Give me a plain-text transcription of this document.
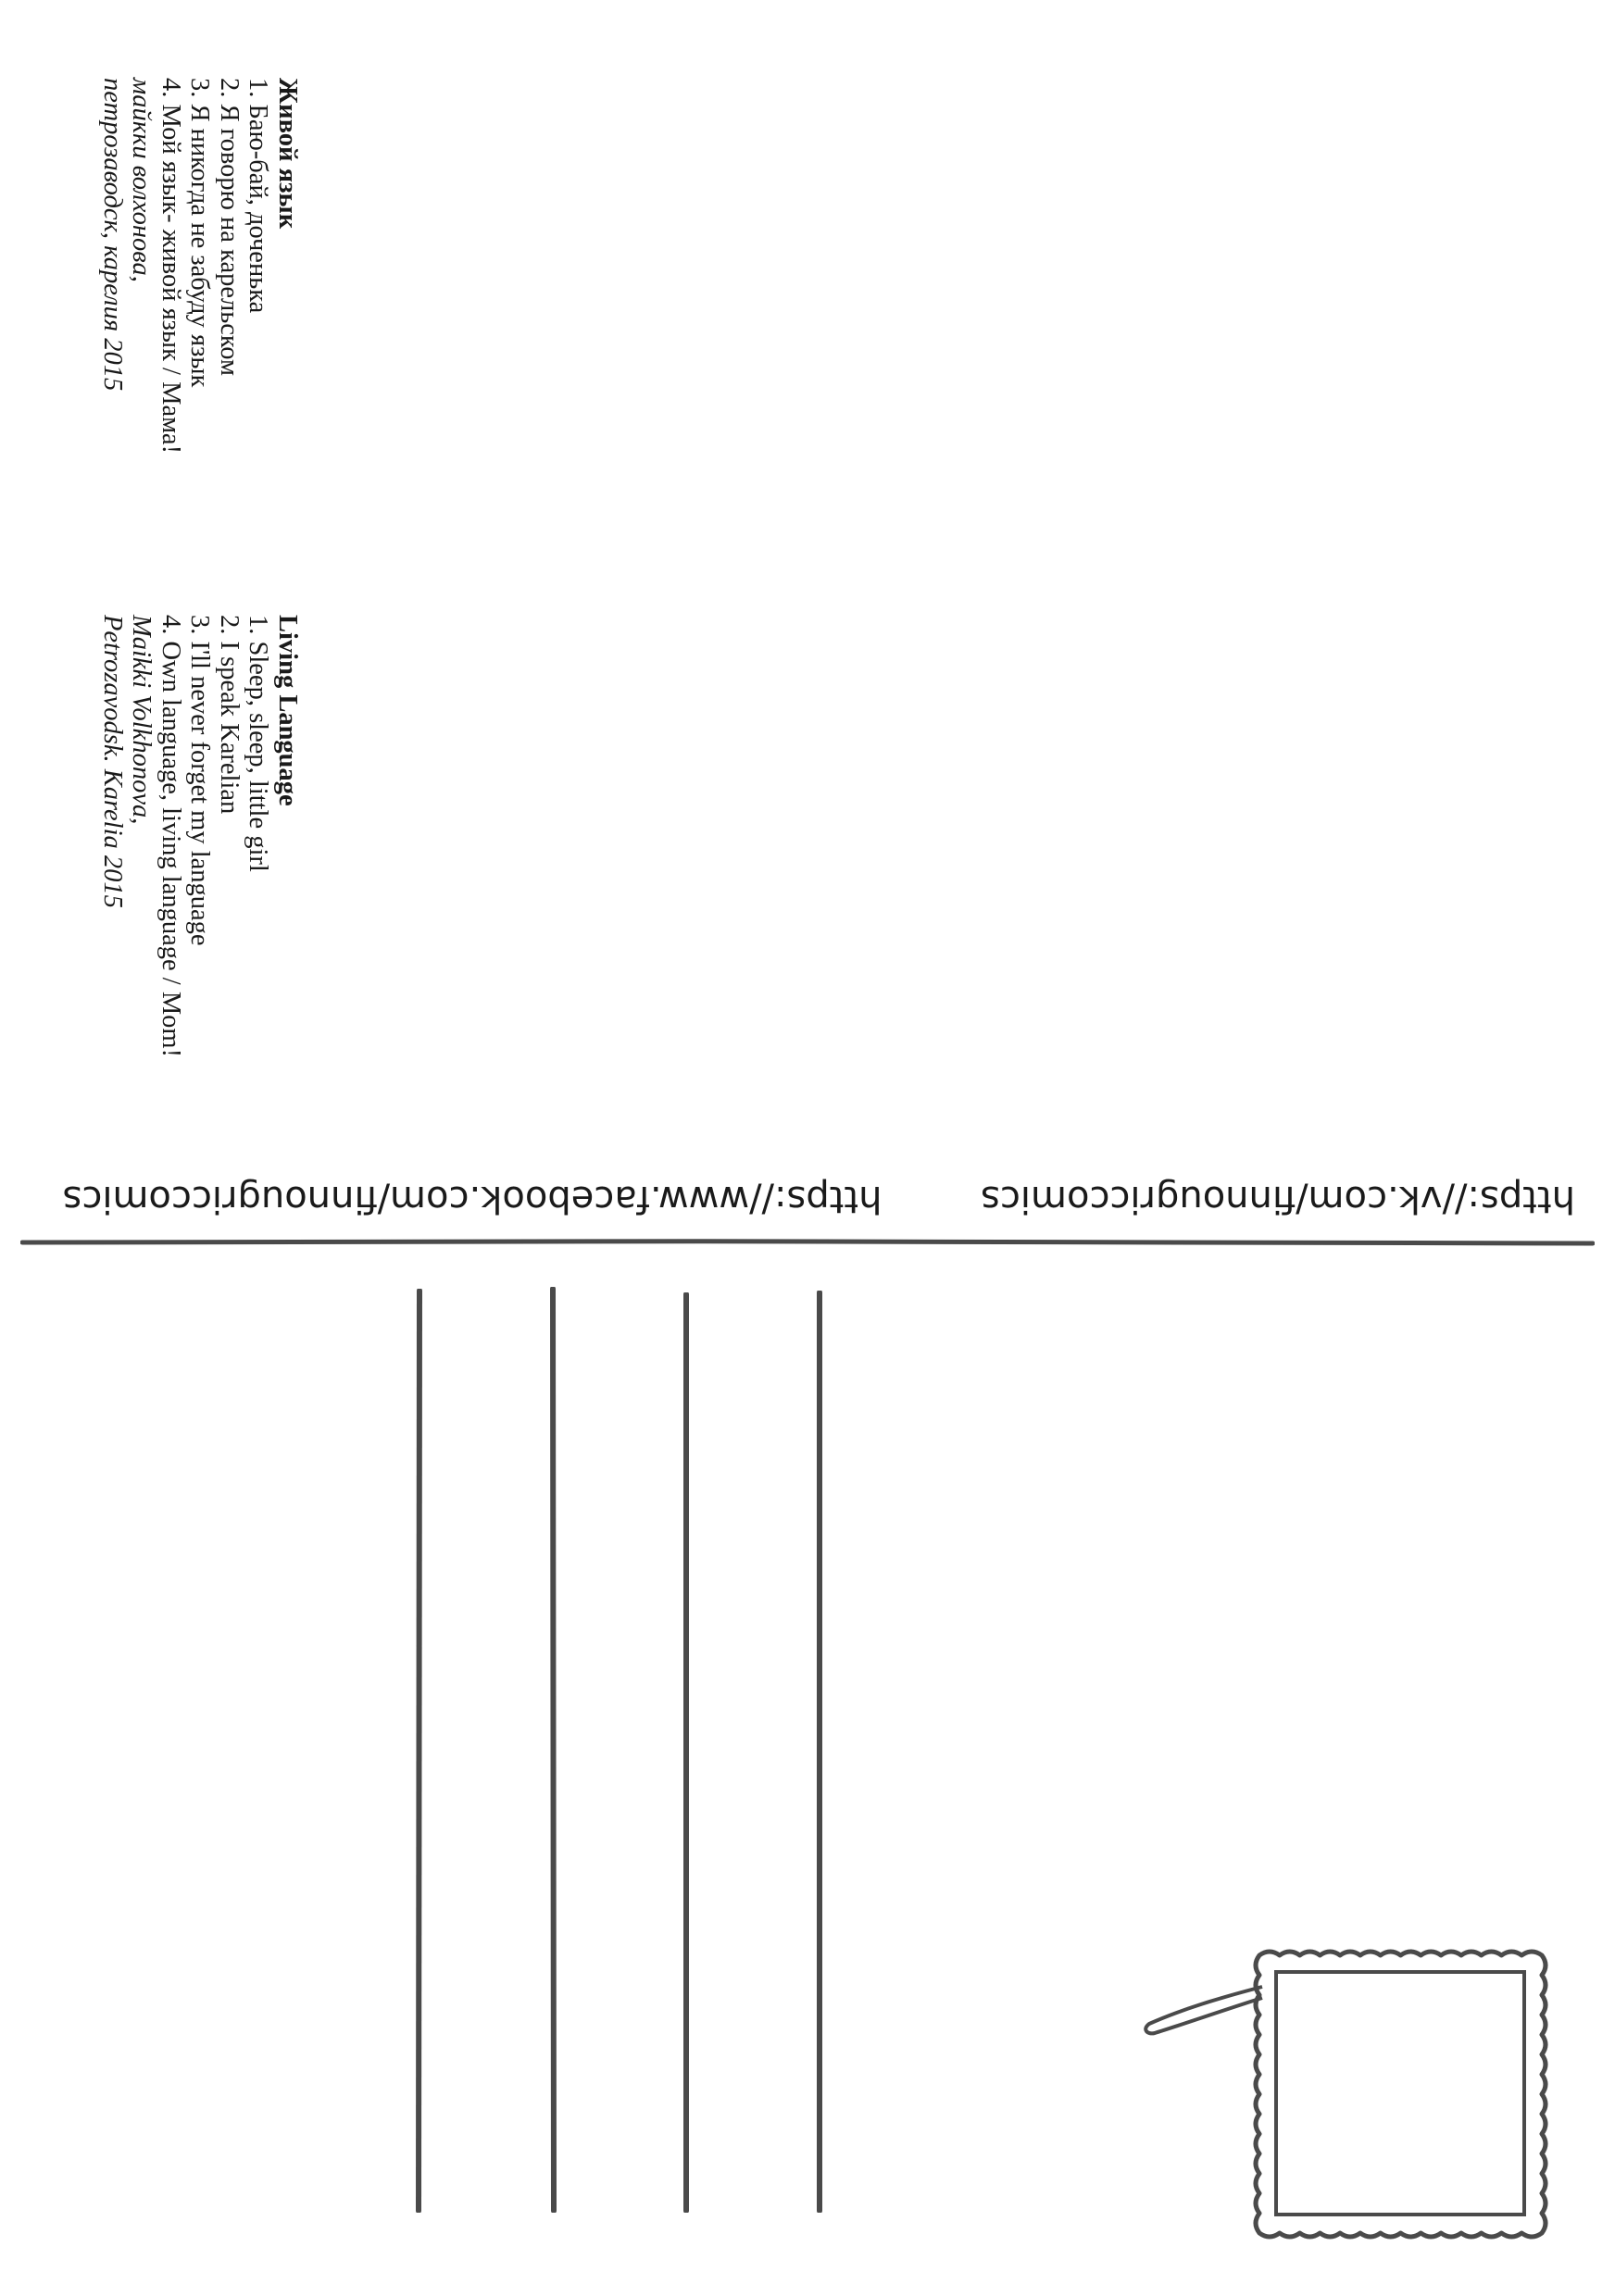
Живой язык
1. Баю-бай, доченька
2. Я говорю на карельском
3. Я никогда не забуду язык
4. Мой язык- живой язык / Мама!
майкки волхонова,
петрозаводск, карелия 2015
Living Language
1. Sleep, sleep, little girl
2. I speak Karelian
3. I'll never forget my language
4. Own language, living language / Mom!
Maikki Volkhonova,
Petrozavodsk. Karelia 2015
https://vk.com/finnougriccomics
https://www.facebook.com/finnougriccomics
